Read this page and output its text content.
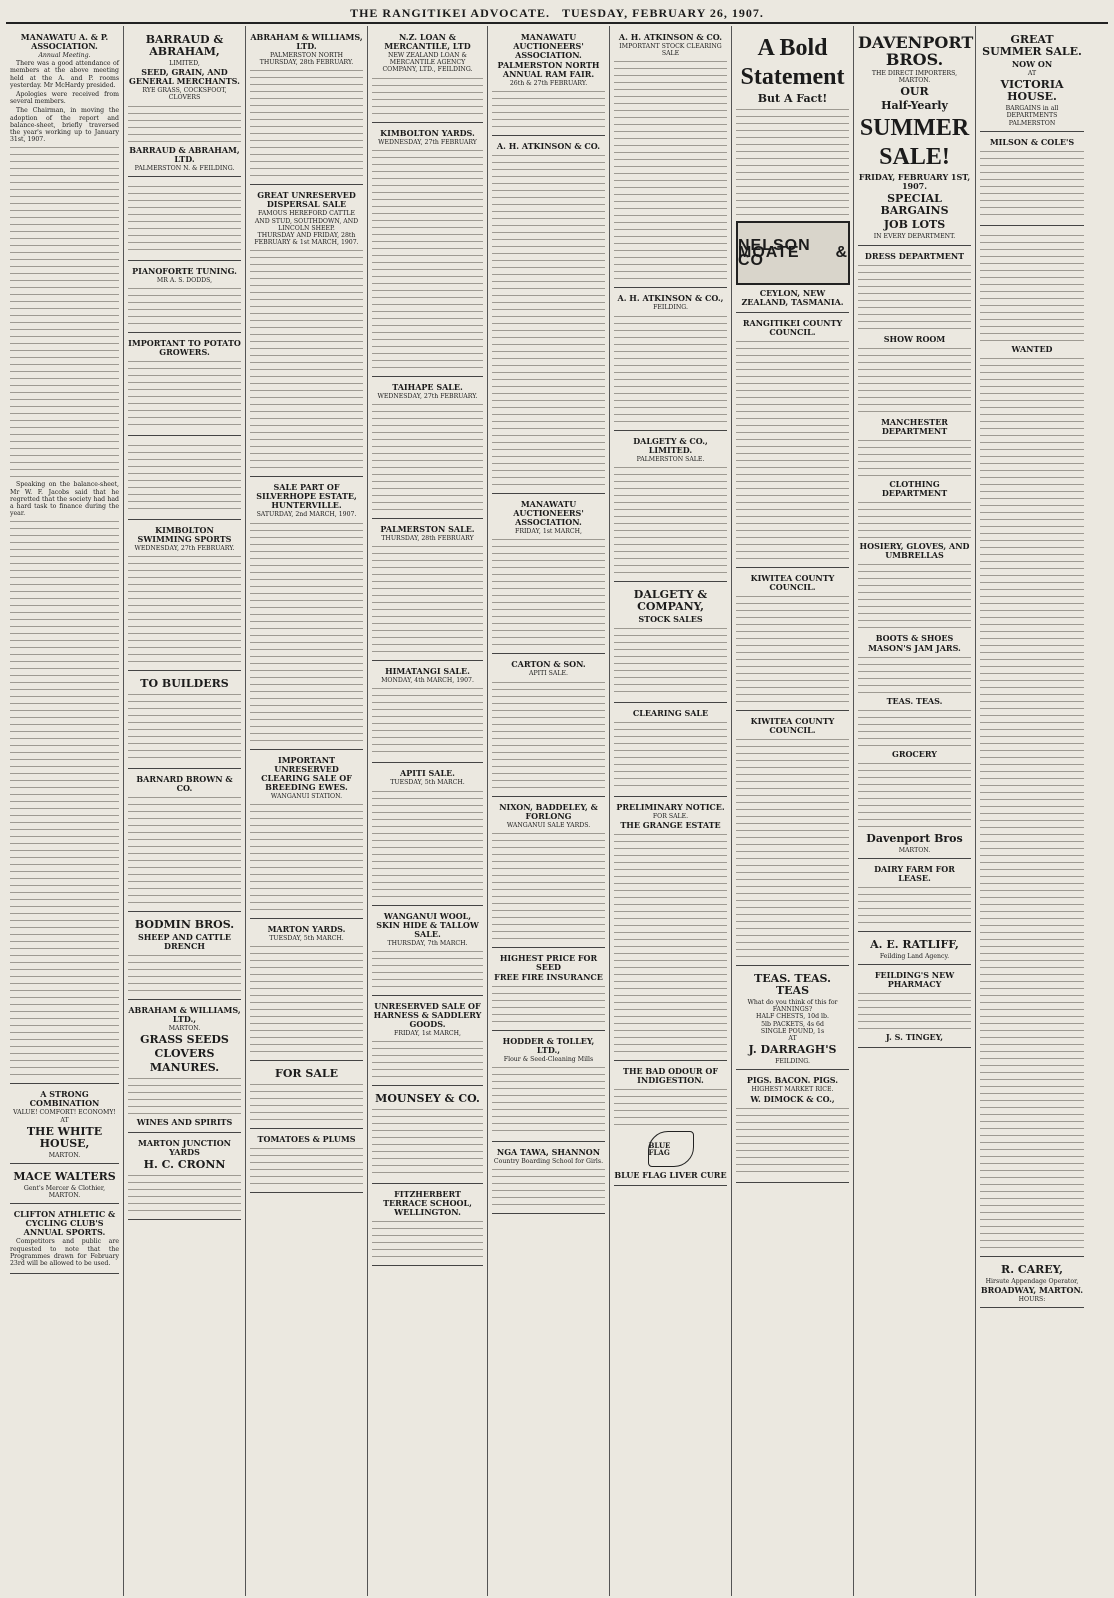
THE RANGITIKEI ADVOCATE. TUESDAY, FEBRUARY 26, 1907.
MANAWATU A. & P. ASSOCIATION.
Annual Meeting.

There was a good attendance of members at the above meeting held at the A. and P. rooms yesterday. Mr McHardy presided.

Apologies were received from several members.

The Chairman, in moving the adoption of the report and balance-sheet, briefly traversed the year's working up to January 31st, 1907.

Speaking on the balance-sheet, Mr W. F. Jacobs said that he regretted that the society had had a hard task to finance during the year.

A STRONG COMBINATION
VALUE! COMFORT! ECONOMY!
AT
THE WHITE HOUSE,
MARTON.
MACE WALTERS
Gent's Mercer & Clothier,
MARTON.
CLIFTON ATHLETIC & CYCLING CLUB'S ANNUAL SPORTS.

Competitors and public are requested to note that the Programmes drawn for February 23rd will be allowed to be used.

BARRAUD & ABRAHAM,
LIMITED,
SEED, GRAIN, AND GENERAL MERCHANTS.
RYE GRASS, COCKSFOOT, CLOVERS
BARRAUD & ABRAHAM, LTD.
PALMERSTON N. & FEILDING.
PIANOFORTE TUNING.
MR A. S. DODDS,
IMPORTANT TO POTATO GROWERS.
KIMBOLTON SWIMMING SPORTS
WEDNESDAY, 27th FEBRUARY.
TO BUILDERS
BARNARD BROWN & CO.
BODMIN BROS.
SHEEP AND CATTLE DRENCH
ABRAHAM & WILLIAMS, LTD.,
MARTON.
GRASS SEEDS
CLOVERS
MANURES.
WINES AND SPIRITS
MARTON JUNCTION YARDS
H. C. CRONN
ABRAHAM & WILLIAMS, LTD.
PALMERSTON NORTH
THURSDAY, 28th FEBRUARY.
GREAT UNRESERVED DISPERSAL SALE
FAMOUS HEREFORD CATTLE AND STUD, SOUTHDOWN, AND LINCOLN SHEEP.
THURSDAY AND FRIDAY, 28th FEBRUARY & 1st MARCH, 1907.
SALE PART OF SILVERHOPE ESTATE, HUNTERVILLE.
SATURDAY, 2nd MARCH, 1907.
IMPORTANT UNRESERVED CLEARING SALE OF BREEDING EWES.
WANGANUI STATION.
MARTON YARDS.
TUESDAY, 5th MARCH.
FOR SALE
TOMATOES & PLUMS
N.Z. LOAN & MERCANTILE, LTD
NEW ZEALAND LOAN & MERCANTILE AGENCY COMPANY, LTD., FEILDING.
KIMBOLTON YARDS.
WEDNESDAY, 27th FEBRUARY
TAIHAPE SALE.
WEDNESDAY, 27th FEBRUARY.
PALMERSTON SALE.
THURSDAY, 28th FEBRUARY
HIMATANGI SALE.
MONDAY, 4th MARCH, 1907.
APITI SALE.
TUESDAY, 5th MARCH.
WANGANUI WOOL, SKIN HIDE & TALLOW SALE.
THURSDAY, 7th MARCH.
UNRESERVED SALE OF HARNESS & SADDLERY GOODS.
FRIDAY, 1st MARCH,
MOUNSEY & CO.
FITZHERBERT TERRACE SCHOOL, WELLINGTON.
MANAWATU AUCTIONEERS' ASSOCIATION.
PALMERSTON NORTH ANNUAL RAM FAIR.
26th & 27th FEBRUARY.
A. H. ATKINSON & CO.
MANAWATU AUCTIONEERS' ASSOCIATION.
FRIDAY, 1st MARCH,
CARTON & SON.
APITI SALE.
NIXON, BADDELEY, & FORLONG
WANGANUI SALE YARDS.
HIGHEST PRICE FOR SEED
FREE FIRE INSURANCE
HODDER & TOLLEY, LTD.,
Flour & Seed-Cleaning Mills
NGA TAWA, SHANNON
Country Boarding School for Girls.
A. H. ATKINSON & CO.
IMPORTANT STOCK CLEARING SALE
A. H. ATKINSON & CO.,
FEILDING.
DALGETY & CO., LIMITED.
PALMERSTON SALE.
DALGETY & COMPANY,
STOCK SALES
CLEARING SALE
PRELIMINARY NOTICE.
FOR SALE.
THE GRANGE ESTATE
THE BAD ODOUR OF INDIGESTION.
BLUE FLAG
BLUE FLAG LIVER CURE
A Bold
Statement
But A Fact!
NELSON MOATE & CO
CEYLON, NEW ZEALAND, TASMANIA.
RANGITIKEI COUNTY COUNCIL.
KIWITEA COUNTY COUNCIL.
KIWITEA COUNTY COUNCIL.
TEAS. TEAS. TEAS
What do you think of this for FANNINGS?
HALF CHESTS, 10d lb.
5lb PACKETS, 4s 6d
SINGLE POUND, 1s
AT
J. DARRAGH'S
FEILDING.
PIGS. BACON. PIGS.
HIGHEST MARKET RICE.
W. DIMOCK & CO.,
DAVENPORT BROS.
THE DIRECT IMPORTERS,
MARTON.
OUR
Half-Yearly
SUMMER
SALE!
FRIDAY, FEBRUARY 1ST, 1907.
SPECIAL BARGAINS
JOB LOTS
IN EVERY DEPARTMENT.
DRESS DEPARTMENT
SHOW ROOM
MANCHESTER DEPARTMENT
CLOTHING DEPARTMENT
HOSIERY, GLOVES, AND UMBRELLAS
BOOTS & SHOES
MASON'S JAM JARS.
TEAS. TEAS.
GROCERY
Davenport Bros
MARTON.
DAIRY FARM FOR LEASE.
A. E. RATLIFF,
Feilding Land Agency.
FEILDING'S NEW PHARMACY
J. S. TINGEY,
GREAT SUMMER SALE.
NOW ON
AT
VICTORIA HOUSE.
BARGAINS in all DEPARTMENTS
PALMERSTON
MILSON & COLE'S
WANTED
R. CAREY,
Hirsute Appendage Operator,
BROADWAY, MARTON.
HOURS:
